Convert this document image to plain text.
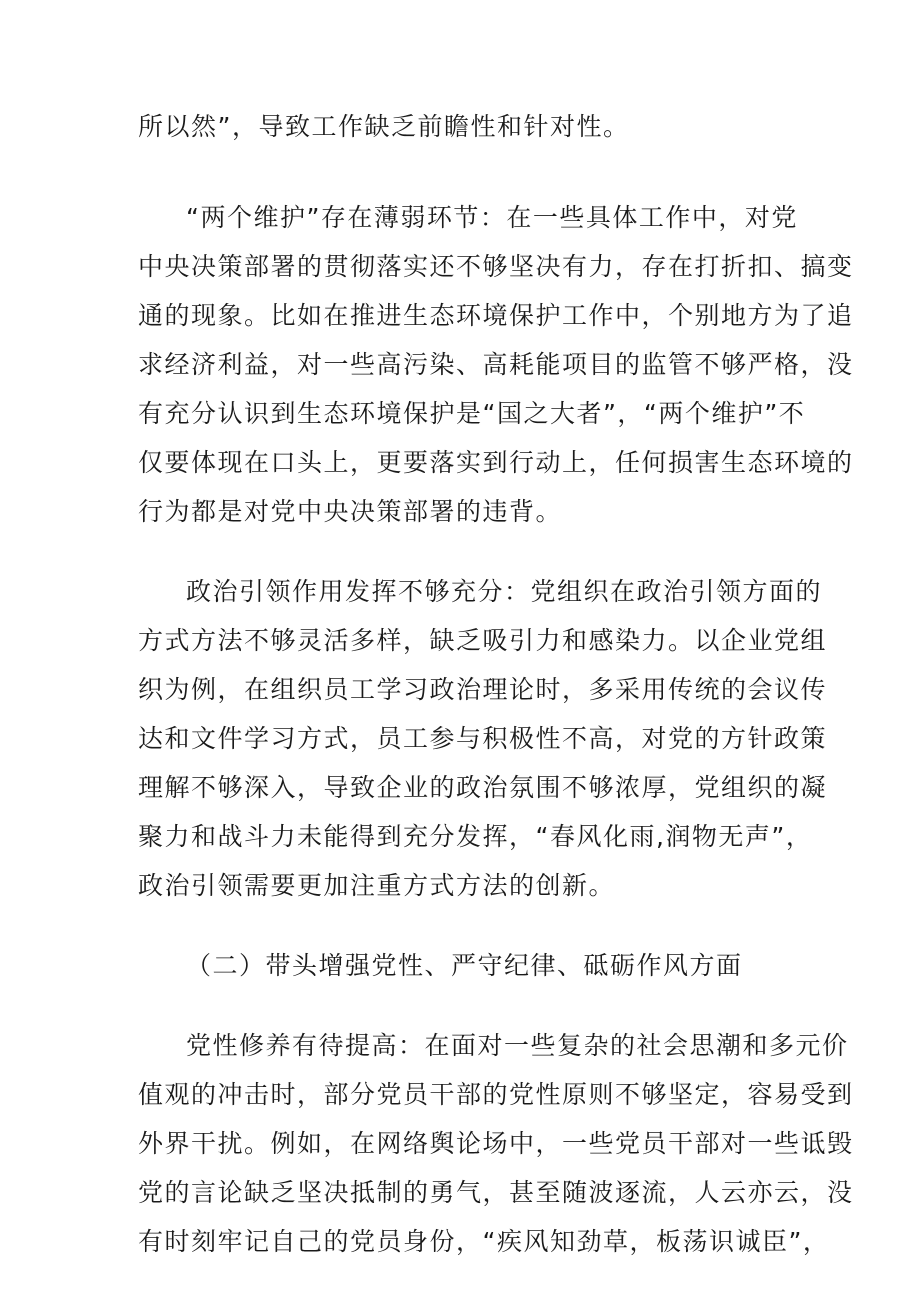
所以然”，导致工作缺乏前瞻性和针对性。
“两个维护”存在薄弱环节：在一些具体工作中，对党
中央决策部署的贯彻落实还不够坚决有力，存在打折扣、搞变
通的现象。比如在推进生态环境保护工作中，个别地方为了追
求经济利益，对一些高污染、高耗能项目的监管不够严格，没
有充分认识到生态环境保护是“国之大者”，“两个维护”不
仅要体现在口头上，更要落实到行动上，任何损害生态环境的
行为都是对党中央决策部署的违背。
政治引领作用发挥不够充分：党组织在政治引领方面的
方式方法不够灵活多样，缺乏吸引力和感染力。以企业党组
织为例，在组织员工学习政治理论时，多采用传统的会议传
达和文件学习方式，员工参与积极性不高，对党的方针政策
理解不够深入，导致企业的政治氛围不够浓厚，党组织的凝
聚力和战斗力未能得到充分发挥，“春风化雨,润物无声”，
政治引领需要更加注重方式方法的创新。
（二）带头增强党性、严守纪律、砥砺作风方面
党性修养有待提高：在面对一些复杂的社会思潮和多元价
值观的冲击时，部分党员干部的党性原则不够坚定，容易受到
外界干扰。例如，在网络舆论场中，一些党员干部对一些诋毁
党的言论缺乏坚决抵制的勇气，甚至随波逐流，人云亦云，没
有时刻牢记自己的党员身份，“疾风知劲草，板荡识诚臣”，
